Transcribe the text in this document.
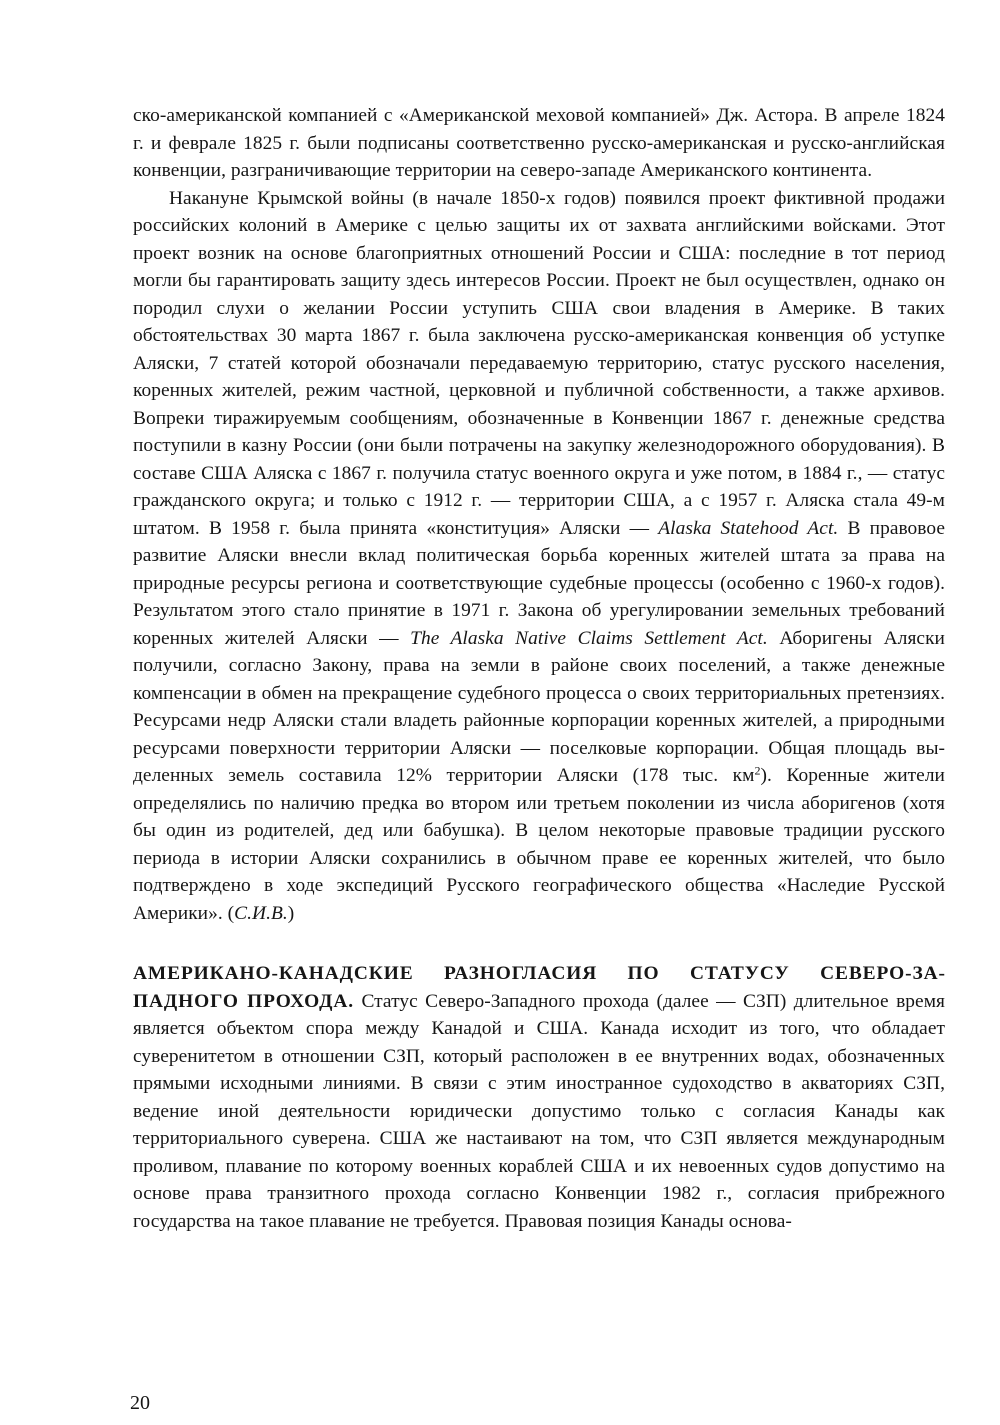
ско-американской компанией с «Американской меховой компанией» Дж. Астора. В апреле 1824 г. и феврале 1825 г. были подписаны соответственно русско-американская и русско-английская конвенции, разграничивающие территории на северо-западе Американского континента.

Накануне Крымской войны (в начале 1850-х годов) появился проект фиктивной продажи российских колоний в Америке с целью защиты их от захвата английскими войсками. Этот проект возник на основе благоприятных отношений России и США: последние в тот период могли бы гарантировать защиту здесь интересов России. Проект не был осуществлен, однако он породил слухи о желании России уступить США свои владения в Америке. В таких обстоятельствах 30 марта 1867 г. была заключена русско-американская конвенция об уступке Аляски, 7 статей которой обозначали передаваемую территорию, статус русского населения, коренных жителей, режим частной, церковной и публичной собственности, а также архивов. Вопреки тиражируемым сообщениям, обозначенные в Конвенции 1867 г. денежные средства поступили в казну России (они были потрачены на закупку железнодорожного оборудования). В составе США Аляска с 1867 г. получила статус военного округа и уже потом, в 1884 г., — статус гражданского округа; и только с 1912 г. — территории США, а с 1957 г. Аляска стала 49-м штатом. В 1958 г. была принята «конституция» Аляски — Alaska Statehood Act. В правовое развитие Аляски внесли вклад политическая борьба коренных жителей штата за права на природные ресурсы региона и соответствующие судебные процессы (особенно с 1960-х годов). Результатом этого стало принятие в 1971 г. Закона об урегулировании земельных требований коренных жителей Аляски — The Alaska Native Claims Settlement Act. Аборигены Аляски получили, согласно Закону, права на земли в районе своих поселений, а также денежные компенсации в обмен на прекращение судебного процесса о своих территориальных претензиях. Ресурсами недр Аляски стали владеть районные корпорации коренных жителей, а природными ресурсами поверхности территории Аляски — поселковые корпорации. Общая площадь выделенных земель составила 12% территории Аляски (178 тыс. $км^2$). Коренные жители определялись по наличию предка во втором или третьем поколении из числа аборигенов (хотя бы один из родителей, дед или бабушка). В целом некоторые правовые традиции русского периода в истории Аляски сохранились в обычном праве ее коренных жителей, что было подтверждено в ходе экспедиций Русского географического общества «Наследие Русской Америки». (С.И.В.)

АМЕРИКАНО-КАНАДСКИЕ РАЗНОГЛАСИЯ ПО СТАТУСУ СЕВЕРО-ЗАПАДНОГО ПРОХОДА. Статус Северо-Западного прохода (далее — СЗП) длительное время является объектом спора между Канадой и США. Канада исходит из того, что обладает суверенитетом в отношении СЗП, который расположен в ее внутренних водах, обозначенных прямыми исходными линиями. В связи с этим иностранное судоходство в акваториях СЗП, ведение иной деятельности юридически допустимо только с согласия Канады как территориального суверена. США же настаивают на том, что СЗП является международным проливом, плавание по которому военных кораблей США и их невоенных судов допустимо на основе права транзитного прохода согласно Конвенции 1982 г., согласия прибрежного государства на такое плавание не требуется. Правовая позиция Канады основа-

20
